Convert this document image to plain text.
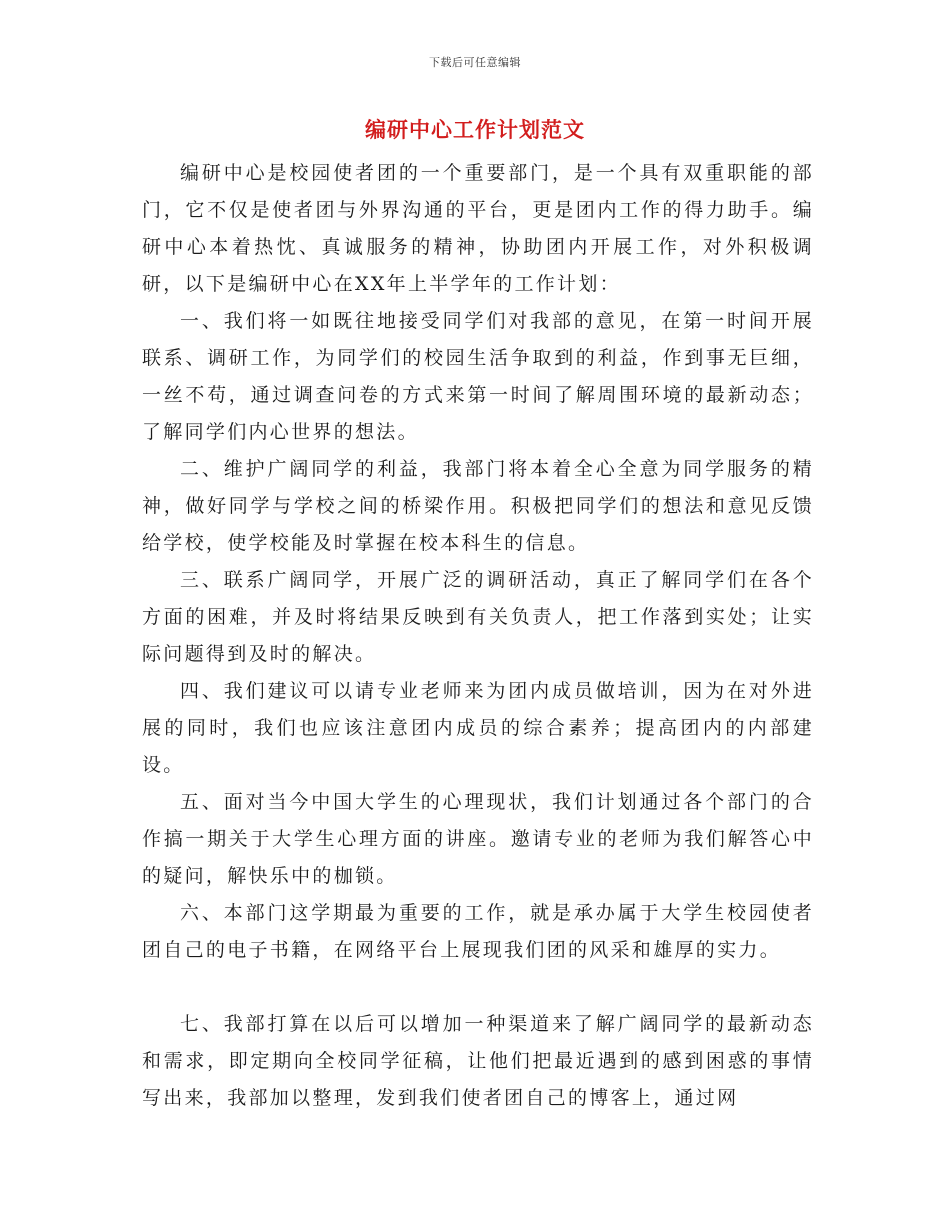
下载后可任意编辑
编研中心工作计划范文

编研中心是校园使者团的一个重要部门，是一个具有双重职能的部门，它不仅是使者团与外界沟通的平台，更是团内工作的得力助手。编研中心本着热忱、真诚服务的精神，协助团内开展工作，对外积极调研，以下是编研中心在XX年上半学年的工作计划：

一、我们将一如既往地接受同学们对我部的意见，在第一时间开展联系、调研工作，为同学们的校园生活争取到的利益，作到事无巨细，一丝不苟，通过调查问卷的方式来第一时间了解周围环境的最新动态；了解同学们内心世界的想法。

二、维护广阔同学的利益，我部门将本着全心全意为同学服务的精神，做好同学与学校之间的桥梁作用。积极把同学们的想法和意见反馈给学校，使学校能及时掌握在校本科生的信息。

三、联系广阔同学，开展广泛的调研活动，真正了解同学们在各个方面的困难，并及时将结果反映到有关负责人，把工作落到实处；让实际问题得到及时的解决。

四、我们建议可以请专业老师来为团内成员做培训，因为在对外进展的同时，我们也应该注意团内成员的综合素养；提高团内的内部建设。

五、面对当今中国大学生的心理现状，我们计划通过各个部门的合作搞一期关于大学生心理方面的讲座。邀请专业的老师为我们解答心中的疑问，解快乐中的枷锁。

六、本部门这学期最为重要的工作，就是承办属于大学生校园使者团自己的电子书籍，在网络平台上展现我们团的风采和雄厚的实力。

七、我部打算在以后可以增加一种渠道来了解广阔同学的最新动态和需求，即定期向全校同学征稿，让他们把最近遇到的感到困惑的事情写出来，我部加以整理，发到我们使者团自己的博客上，通过网
